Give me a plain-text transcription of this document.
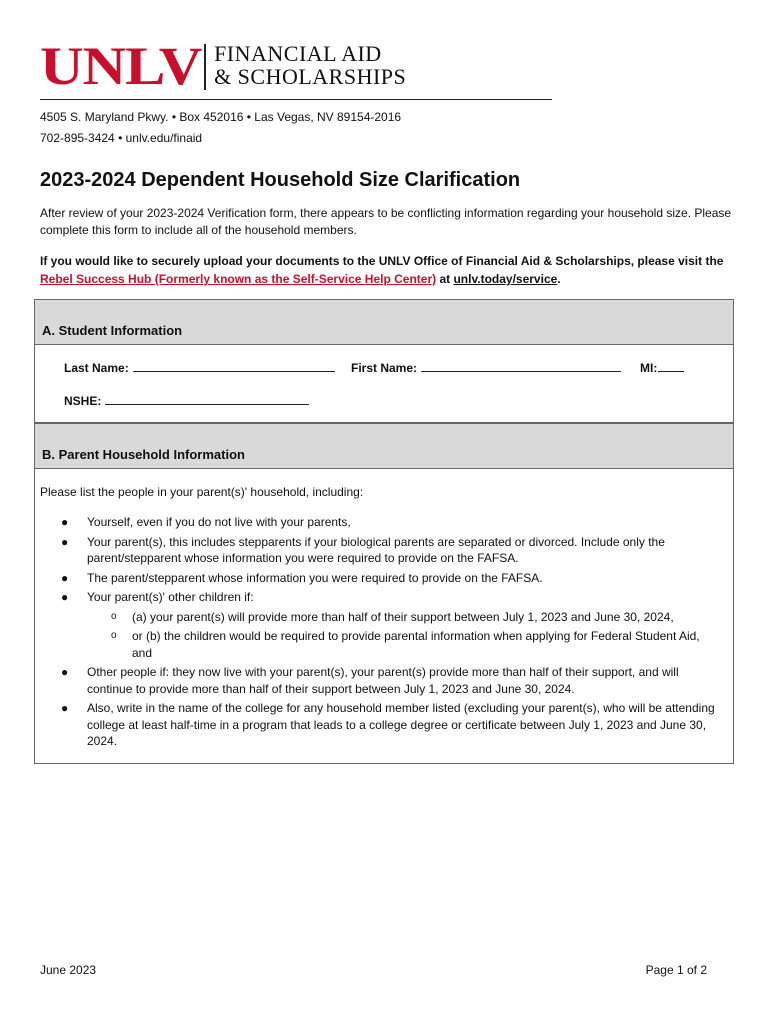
UNLV FINANCIAL AID
& SCHOLARSHIPS
4505 S. Maryland Pkwy. • Box 452016 • Las Vegas, NV 89154-2016
702-895-3424 • unlv.edu/finaid
2023-2024 Dependent Household Size Clarification

After review of your 2023-2024 Verification form, there appears to be conflicting information regarding your household size. Please complete this form to include all of the household members.

If you would like to securely upload your documents to the UNLV Office of Financial Aid & Scholarships, please visit the Rebel Success Hub (Formerly known as the Self-Service Help Center) at unlv.today/service.

A. Student Information
Last Name:	First Name:	MI:
NSHE:
B. Parent Household Information

Please list the people in your parent(s)' household, including:

● Yourself, even if you do not live with your parents,
● Your parent(s), this includes stepparents if your biological parents are separated or divorced. Include only the parent/stepparent whose information you were required to provide on the FAFSA.
● The parent/stepparent whose information you were required to provide on the FAFSA.
● Your parent(s)' other children if:
o (a) your parent(s) will provide more than half of their support between July 1, 2023 and June 30, 2024,
o or (b) the children would be required to provide parental information when applying for Federal Student Aid, and
● Other people if: they now live with your parent(s), your parent(s) provide more than half of their support, and will continue to provide more than half of their support between July 1, 2023 and June 30, 2024.
● Also, write in the name of the college for any household member listed (excluding your parent(s), who will be attending college at least half-time in a program that leads to a college degree or certificate between July 1, 2023 and June 30, 2024.
June 2023	Page 1 of 2
